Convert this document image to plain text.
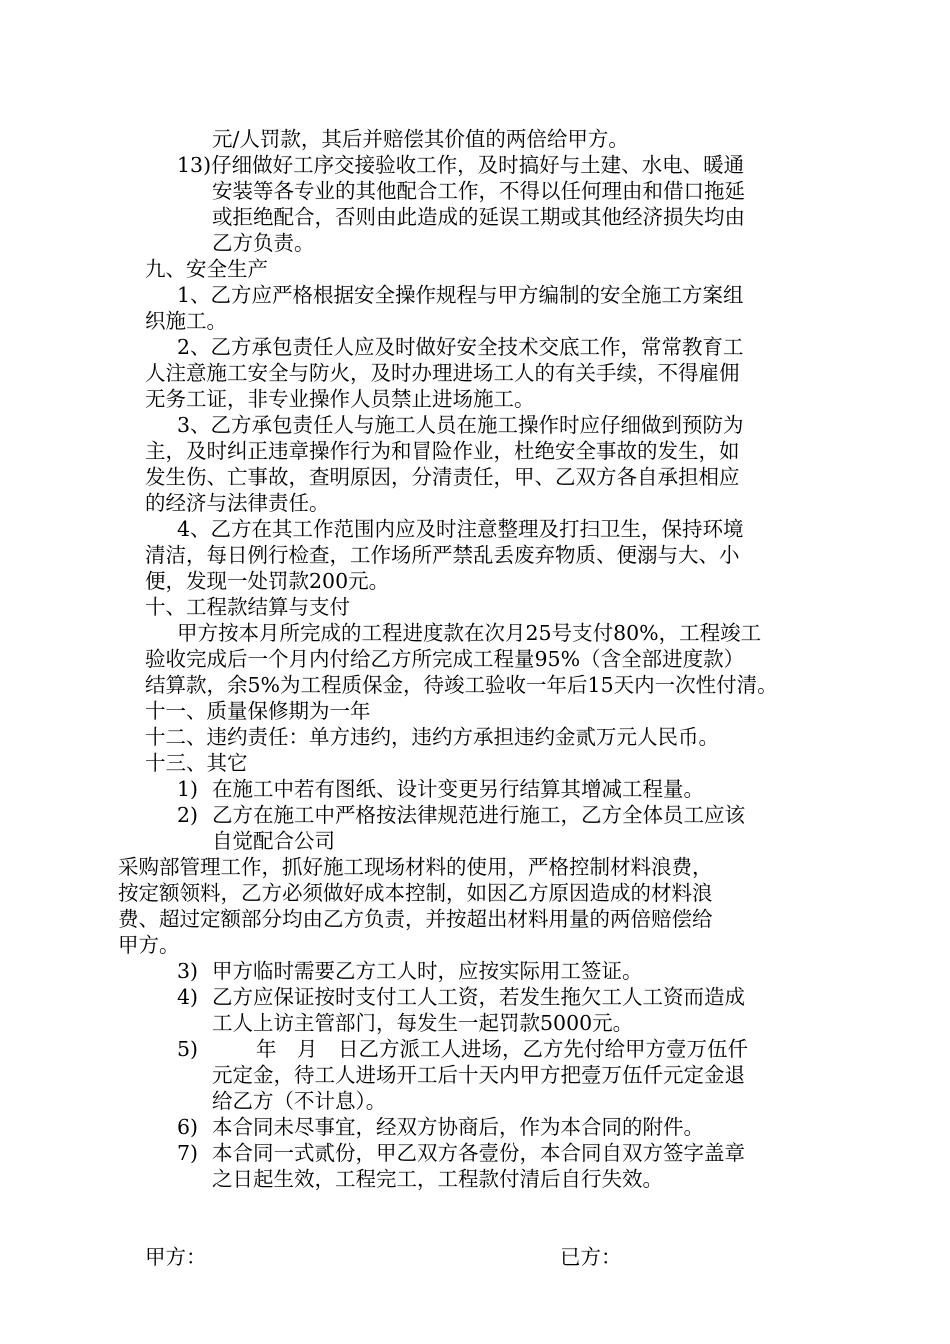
元/人罚款，其后并赔偿其价值的两倍给甲方。
13)仔细做好工序交接验收工作，及时搞好与土建、水电、暖通
安装等各专业的其他配合工作，不得以任何理由和借口拖延
或拒绝配合，否则由此造成的延误工期或其他经济损失均由
乙方负责。
九、安全生产
1、乙方应严格根据安全操作规程与甲方编制的安全施工方案组
织施工。
2、乙方承包责任人应及时做好安全技术交底工作，常常教育工
人注意施工安全与防火，及时办理进场工人的有关手续，不得雇佣
无务工证，非专业操作人员禁止进场施工。
3、乙方承包责任人与施工人员在施工操作时应仔细做到预防为
主，及时纠正违章操作行为和冒险作业，杜绝安全事故的发生，如
发生伤、亡事故，查明原因，分清责任，甲、乙双方各自承担相应
的经济与法律责任。
4、乙方在其工作范围内应及时注意整理及打扫卫生，保持环境
清洁，每日例行检查，工作场所严禁乱丢废弃物质、便溺与大、小
便，发现一处罚款200元。
十、工程款结算与支付
甲方按本月所完成的工程进度款在次月25号支付80%，工程竣工
验收完成后一个月内付给乙方所完成工程量95%（含全部进度款）
结算款，余5%为工程质保金，待竣工验收一年后15天内一次性付清。
十一、质量保修期为一年
十二、违约责任：单方违约，违约方承担违约金贰万元人民币。
十三、其它
1) 在施工中若有图纸、设计变更另行结算其增减工程量。
2) 乙方在施工中严格按法律规范进行施工，乙方全体员工应该
自觉配合公司
采购部管理工作，抓好施工现场材料的使用，严格控制材料浪费，
按定额领料，乙方必须做好成本控制，如因乙方原因造成的材料浪
费、超过定额部分均由乙方负责，并按超出材料用量的两倍赔偿给
甲方。
3) 甲方临时需要乙方工人时，应按实际用工签证。
4) 乙方应保证按时支付工人工资，若发生拖欠工人工资而造成
工人上访主管部门，每发生一起罚款5000元。
5)	年　月　日乙方派工人进场，乙方先付给甲方壹万伍仟
元定金，待工人进场开工后十天内甲方把壹万伍仟元定金退
给乙方（不计息）。
6) 本合同未尽事宜，经双方协商后，作为本合同的附件。
7) 本合同一式贰份，甲乙双方各壹份，本合同自双方签字盖章
之日起生效，工程完工，工程款付清后自行失效。
甲方：	已方：
